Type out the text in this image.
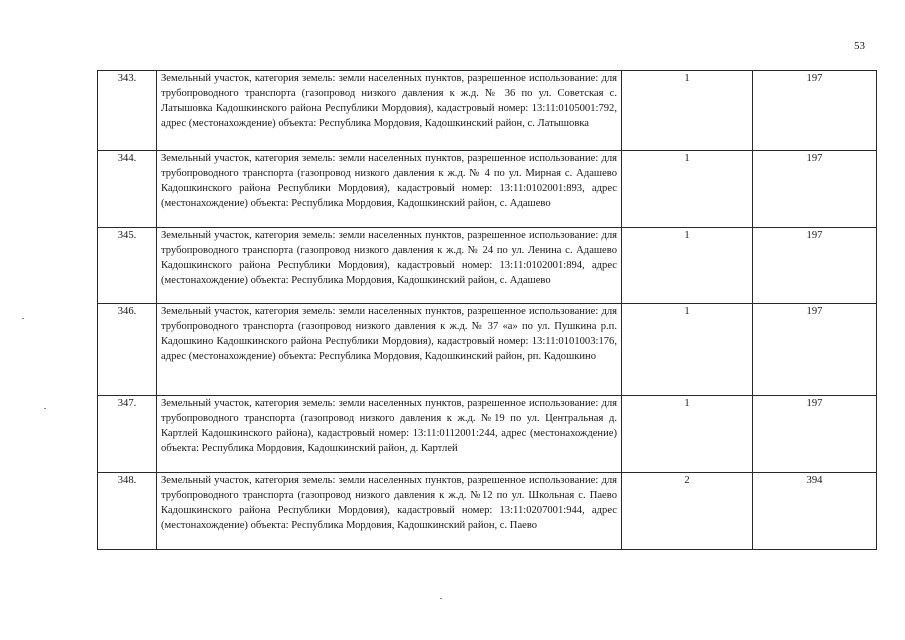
53
343.	Земельный участок, категория земель: земли населенных пунктов, разрешенное использование: для трубопроводного транспорта (газопровод низкого давления к ж.д. № 36 по ул. Советская с. Латышовка Кадошкинского района Республики Мордовия), кадастровый номер: 13:11:0105001:792, адрес (местонахождение) объекта: Республика Мордовия, Кадошкинский район, с. Латышовка	1	197
344.	Земельный участок, категория земель: земли населенных пунктов, разрешенное использование: для трубопроводного транспорта (газопровод низкого давления к ж.д. № 4 по ул. Мирная с. Адашево Кадошкинского района Республики Мордовия), кадастровый номер: 13:11:0102001:893, адрес (местонахождение) объекта: Республика Мордовия, Кадошкинский район, с. Адашево	1	197
345.	Земельный участок, категория земель: земли населенных пунктов, разрешенное использование: для трубопроводного транспорта (газопровод низкого давления к ж.д. № 24 по ул. Ленина с. Адашево Кадошкинского района Республики Мордовия), кадастровый номер: 13:11:0102001:894, адрес (местонахождение) объекта: Республика Мордовия, Кадошкинский район, с. Адашево	1	197
346.	Земельный участок, категория земель: земли населенных пунктов, разрешенное использование: для трубопроводного транспорта (газопровод низкого давления к ж.д. № 37 «а» по ул. Пушкина р.п. Кадошкино Кадошкинского района Республики Мордовия), кадастровый номер: 13:11:0101003:176, адрес (местонахождение) объекта: Республика Мордовия, Кадошкинский район, рп. Кадошкино	1	197
347.	Земельный участок, категория земель: земли населенных пунктов, разрешенное использование: для трубопроводного транспорта (газопровод низкого давления к ж.д. №19 по ул. Центральная д. Картлей Кадошкинского района), кадастровый номер: 13:11:0112001:244, адрес (местонахождение) объекта: Республика Мордовия, Кадошкинский район, д. Картлей	1	197
348.	Земельный участок, категория земель: земли населенных пунктов, разрешенное использование: для трубопроводного транспорта (газопровод низкого давления к ж.д. №12 по ул. Школьная с. Паево Кадошкинского района Республики Мордовия), кадастровый номер: 13:11:0207001:944, адрес (местонахождение) объекта: Республика Мордовия, Кадошкинский район, с. Паево	2	394
